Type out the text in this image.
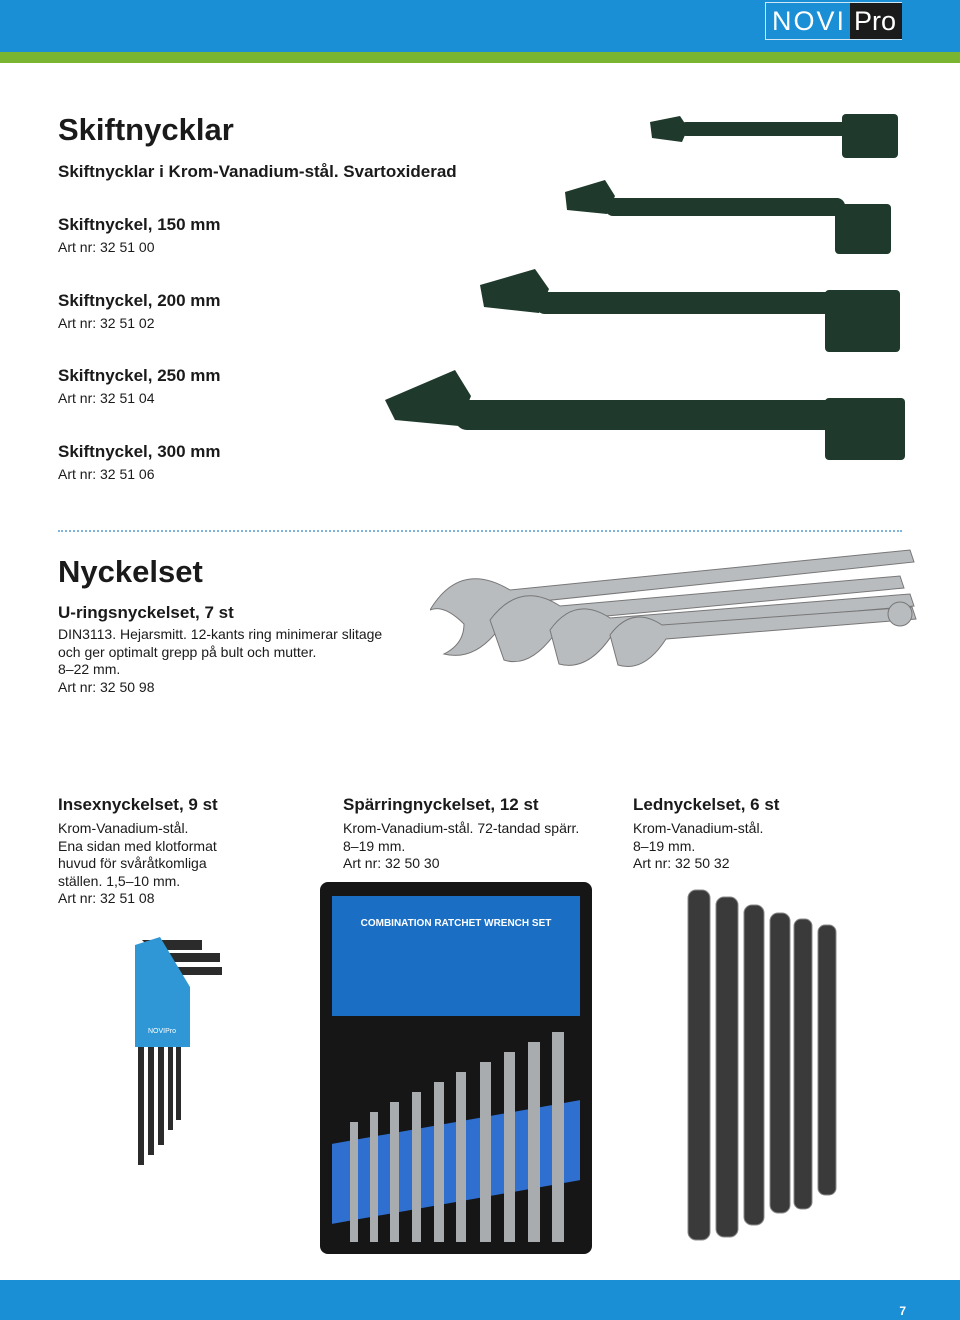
NOVI Pro
Skiftnycklar
Skiftnycklar i Krom-Vanadium-stål. Svartoxiderad
Skiftnyckel, 150 mm

Art nr: 32 51 00

Skiftnyckel, 200 mm

Art nr: 32 51 02

Skiftnyckel, 250 mm

Art nr: 32 51 04

Skiftnyckel, 300 mm

Art nr: 32 51 06

Nyckelset
U-ringsnyckelset, 7 st

DIN3113. Hejarsmitt. 12-kants ring minimerar slitage

och ger optimalt grepp på bult och mutter.

8–22 mm.

Art nr: 32 50 98

Insexnyckelset, 9 st

Krom-Vanadium-stål.

Ena sidan med klotformat

huvud för svåråtkomliga

ställen. 1,5–10 mm.

Art nr: 32 51 08

Spärringnyckelset, 12 st

Krom-Vanadium-stål. 72-tandad spärr.

8–19 mm.

Art nr: 32 50 30

Lednyckelset, 6 st

Krom-Vanadium-stål.

8–19 mm.

Art nr: 32 50 32

NOVIPro
COMBINATION RATCHET WRENCH SET
7
